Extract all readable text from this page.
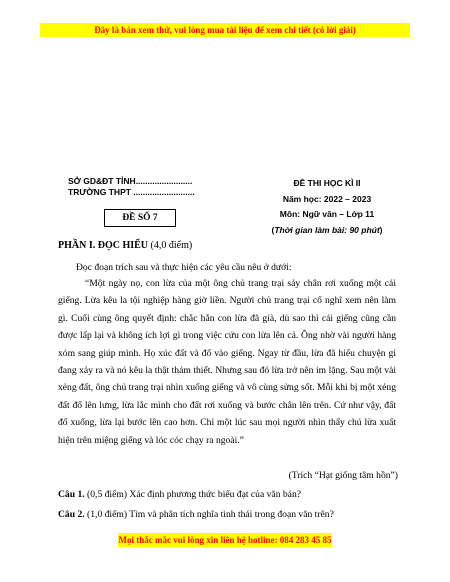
Đây là bản xem thử, vui lòng mua tài liệu để xem chi tiết (có lời giải)
SỞ GD&ĐT TỈNH........................
TRƯỜNG THPT ..........................
ĐỀ SỐ 7
ĐỀ THI HỌC KÌ II
Năm học: 2022 – 2023
Môn: Ngữ văn – Lớp 11
(Thời gian làm bài: 90 phút)
PHẦN I. ĐỌC HIỂU (4,0 điểm)
Đọc đoạn trích sau và thực hiện các yêu cầu nêu ở dưới:
“Một ngày nọ, con lừa của một ông chủ trang trại sảy chân rơi xuống một cái giếng. Lừa kêu la tội nghiệp hàng giờ liền. Người chủ trang trại cố nghĩ xem nên làm gì. Cuối cùng ông quyết định: chắc hẳn con lừa đã già, dù sao thì cái giếng cũng cần được lấp lại và không ích lợi gì trong việc cứu con lừa lên cả. Ông nhờ vài người hàng xóm sang giúp mình. Họ xúc đất và đổ vào giếng. Ngay từ đầu, lừa đã hiểu chuyện gì đang xảy ra và nó kêu la thật thảm thiết. Nhưng sau đó lừa trở nên im lặng. Sau một vài xẻng đất, ông chủ trang trại nhìn xuống giếng và vô cùng sửng sốt. Mỗi khi bị một xẻng đất đổ lên lưng, lừa lắc mình cho đất rơi xuống và bước chân lên trên. Cứ như vậy, đất đổ xuống, lừa lại bước lên cao hơn. Chỉ một lúc sau mọi người nhìn thấy chú lừa xuất hiện trên miệng giếng và lóc cóc chạy ra ngoài.”
(Trích “Hạt giống tâm hồn”)
Câu 1. (0,5 điểm) Xác định phương thức biểu đạt của văn bản?
Câu 2. (1,0 điểm) Tìm và phân tích nghĩa tình thái trong đoạn văn trên?
Mọi thắc mắc vui lòng xin liên hệ hotline: 084 283 45 85
